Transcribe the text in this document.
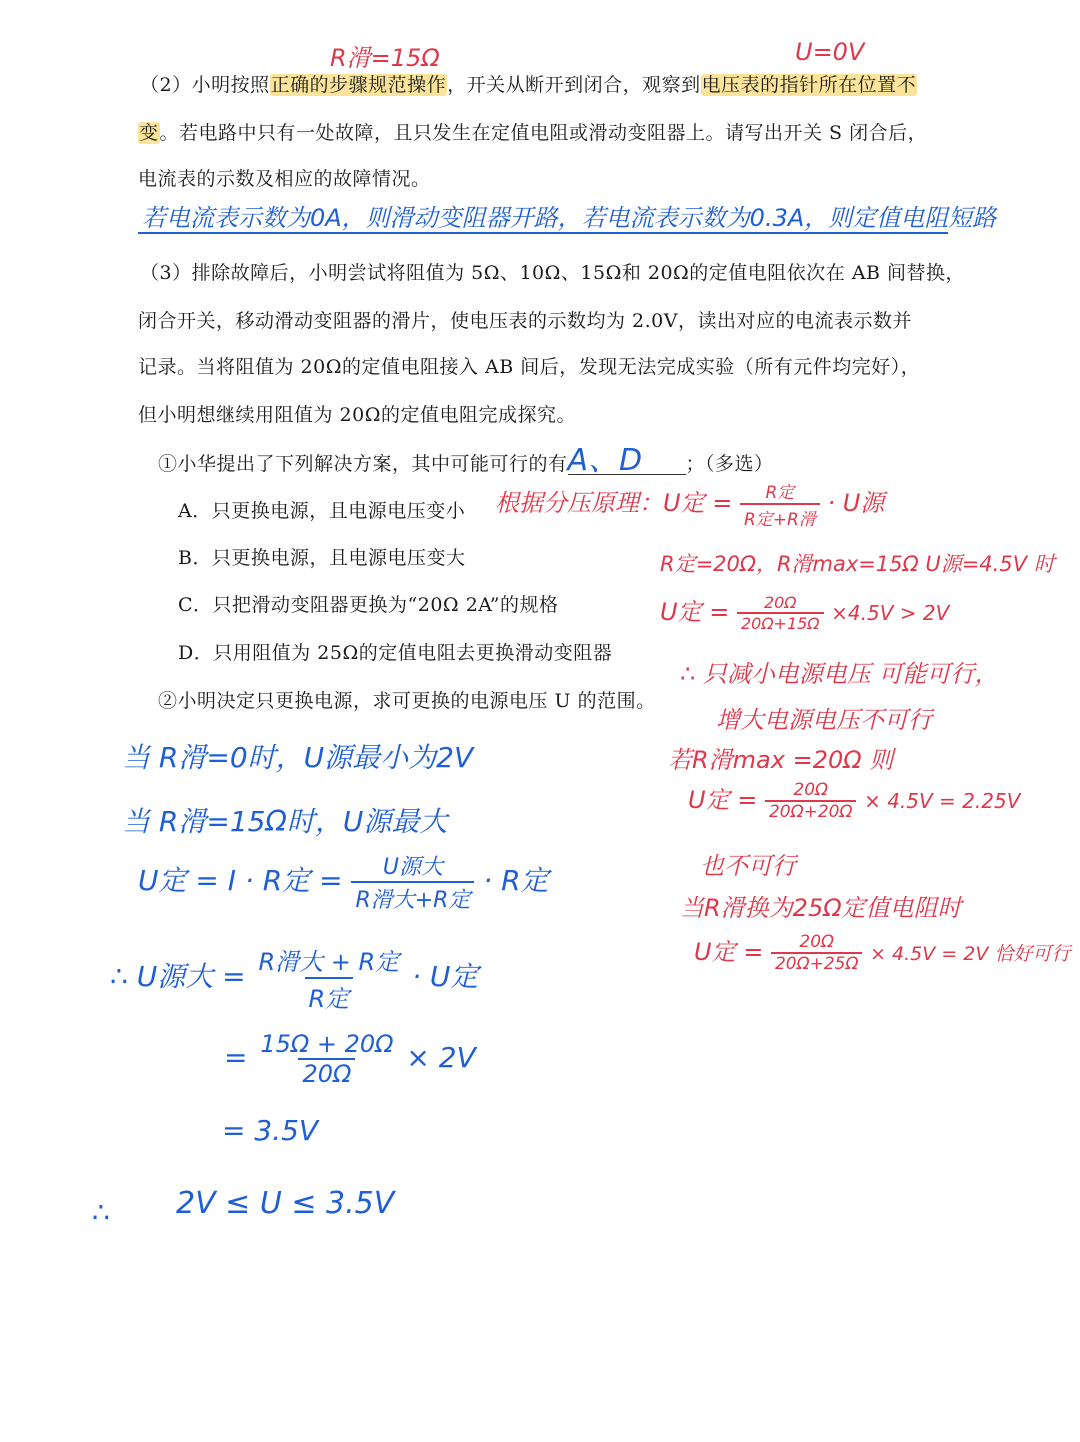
R滑=15Ω	U=0V
（2）小明按照正确的步骤规范操作，开关从断开到闭合，观察到电压表的指针所在位置不
变。若电路中只有一处故障，且只发生在定值电阻或滑动变阻器上。请写出开关 S 闭合后，
电流表的示数及相应的故障情况。
若电流表示数为0A，则滑动变阻器开路，若电流表示数为0.3A，则定值电阻短路
（3）排除故障后，小明尝试将阻值为 5Ω、10Ω、15Ω和 20Ω的定值电阻依次在 AB 间替换，
闭合开关，移动滑动变阻器的滑片，使电压表的示数均为 2.0V，读出对应的电流表示数并
记录。当将阻值为 20Ω的定值电阻接入 AB 间后，发现无法完成实验（所有元件均完好），
但小明想继续用阻值为 20Ω的定值电阻完成探究。
①小华提出了下列解决方案，其中可能可行的有A、D ；（多选）
A．只更换电源，且电源电压变小
B．只更换电源，且电源电压变大
C．只把滑动变阻器更换为“20Ω 2A”的规格
D．只用阻值为 25Ω的定值电阻去更换滑动变阻器
②小明决定只更换电源，求可更换的电源电压 U 的范围。
根据分压原理：U定 = $\frac{\text{R定}}{\text{R定+R滑}} \cdot U$源
R定=20Ω，R滑max=15Ω U源=4.5V 时
U定 = $\frac{20\Omega}{20\Omega+15\Omega} \times 4.5V > 2V$
∴ 只减小电源电压 可能可行，
增大电源电压不可行
若R滑max =20Ω 则
U定 = $\frac{20\Omega}{20\Omega+20\Omega} \times 4.5V = 2.25V$
也不可行
当R滑换为25Ω定值电阻时
U定 = $\frac{20\Omega}{20\Omega+25\Omega} \times 4.5V = 2V$ 恰好可行
当 R滑=0时，U源最小为2V
当 R滑=15Ω时，U源最大
U定 = I · R定 = $\frac{\text{U源大}}{\text{R滑大+R定}} \cdot R$定
∴ U源大 = $\frac{\text{R滑大 + R定}}{\text{R定}} \cdot U$定
= $\frac{15\Omega + 20\Omega}{20\Omega} \times 2V$
= 3.5V
∴ 2V ≤ U ≤ 3.5V
